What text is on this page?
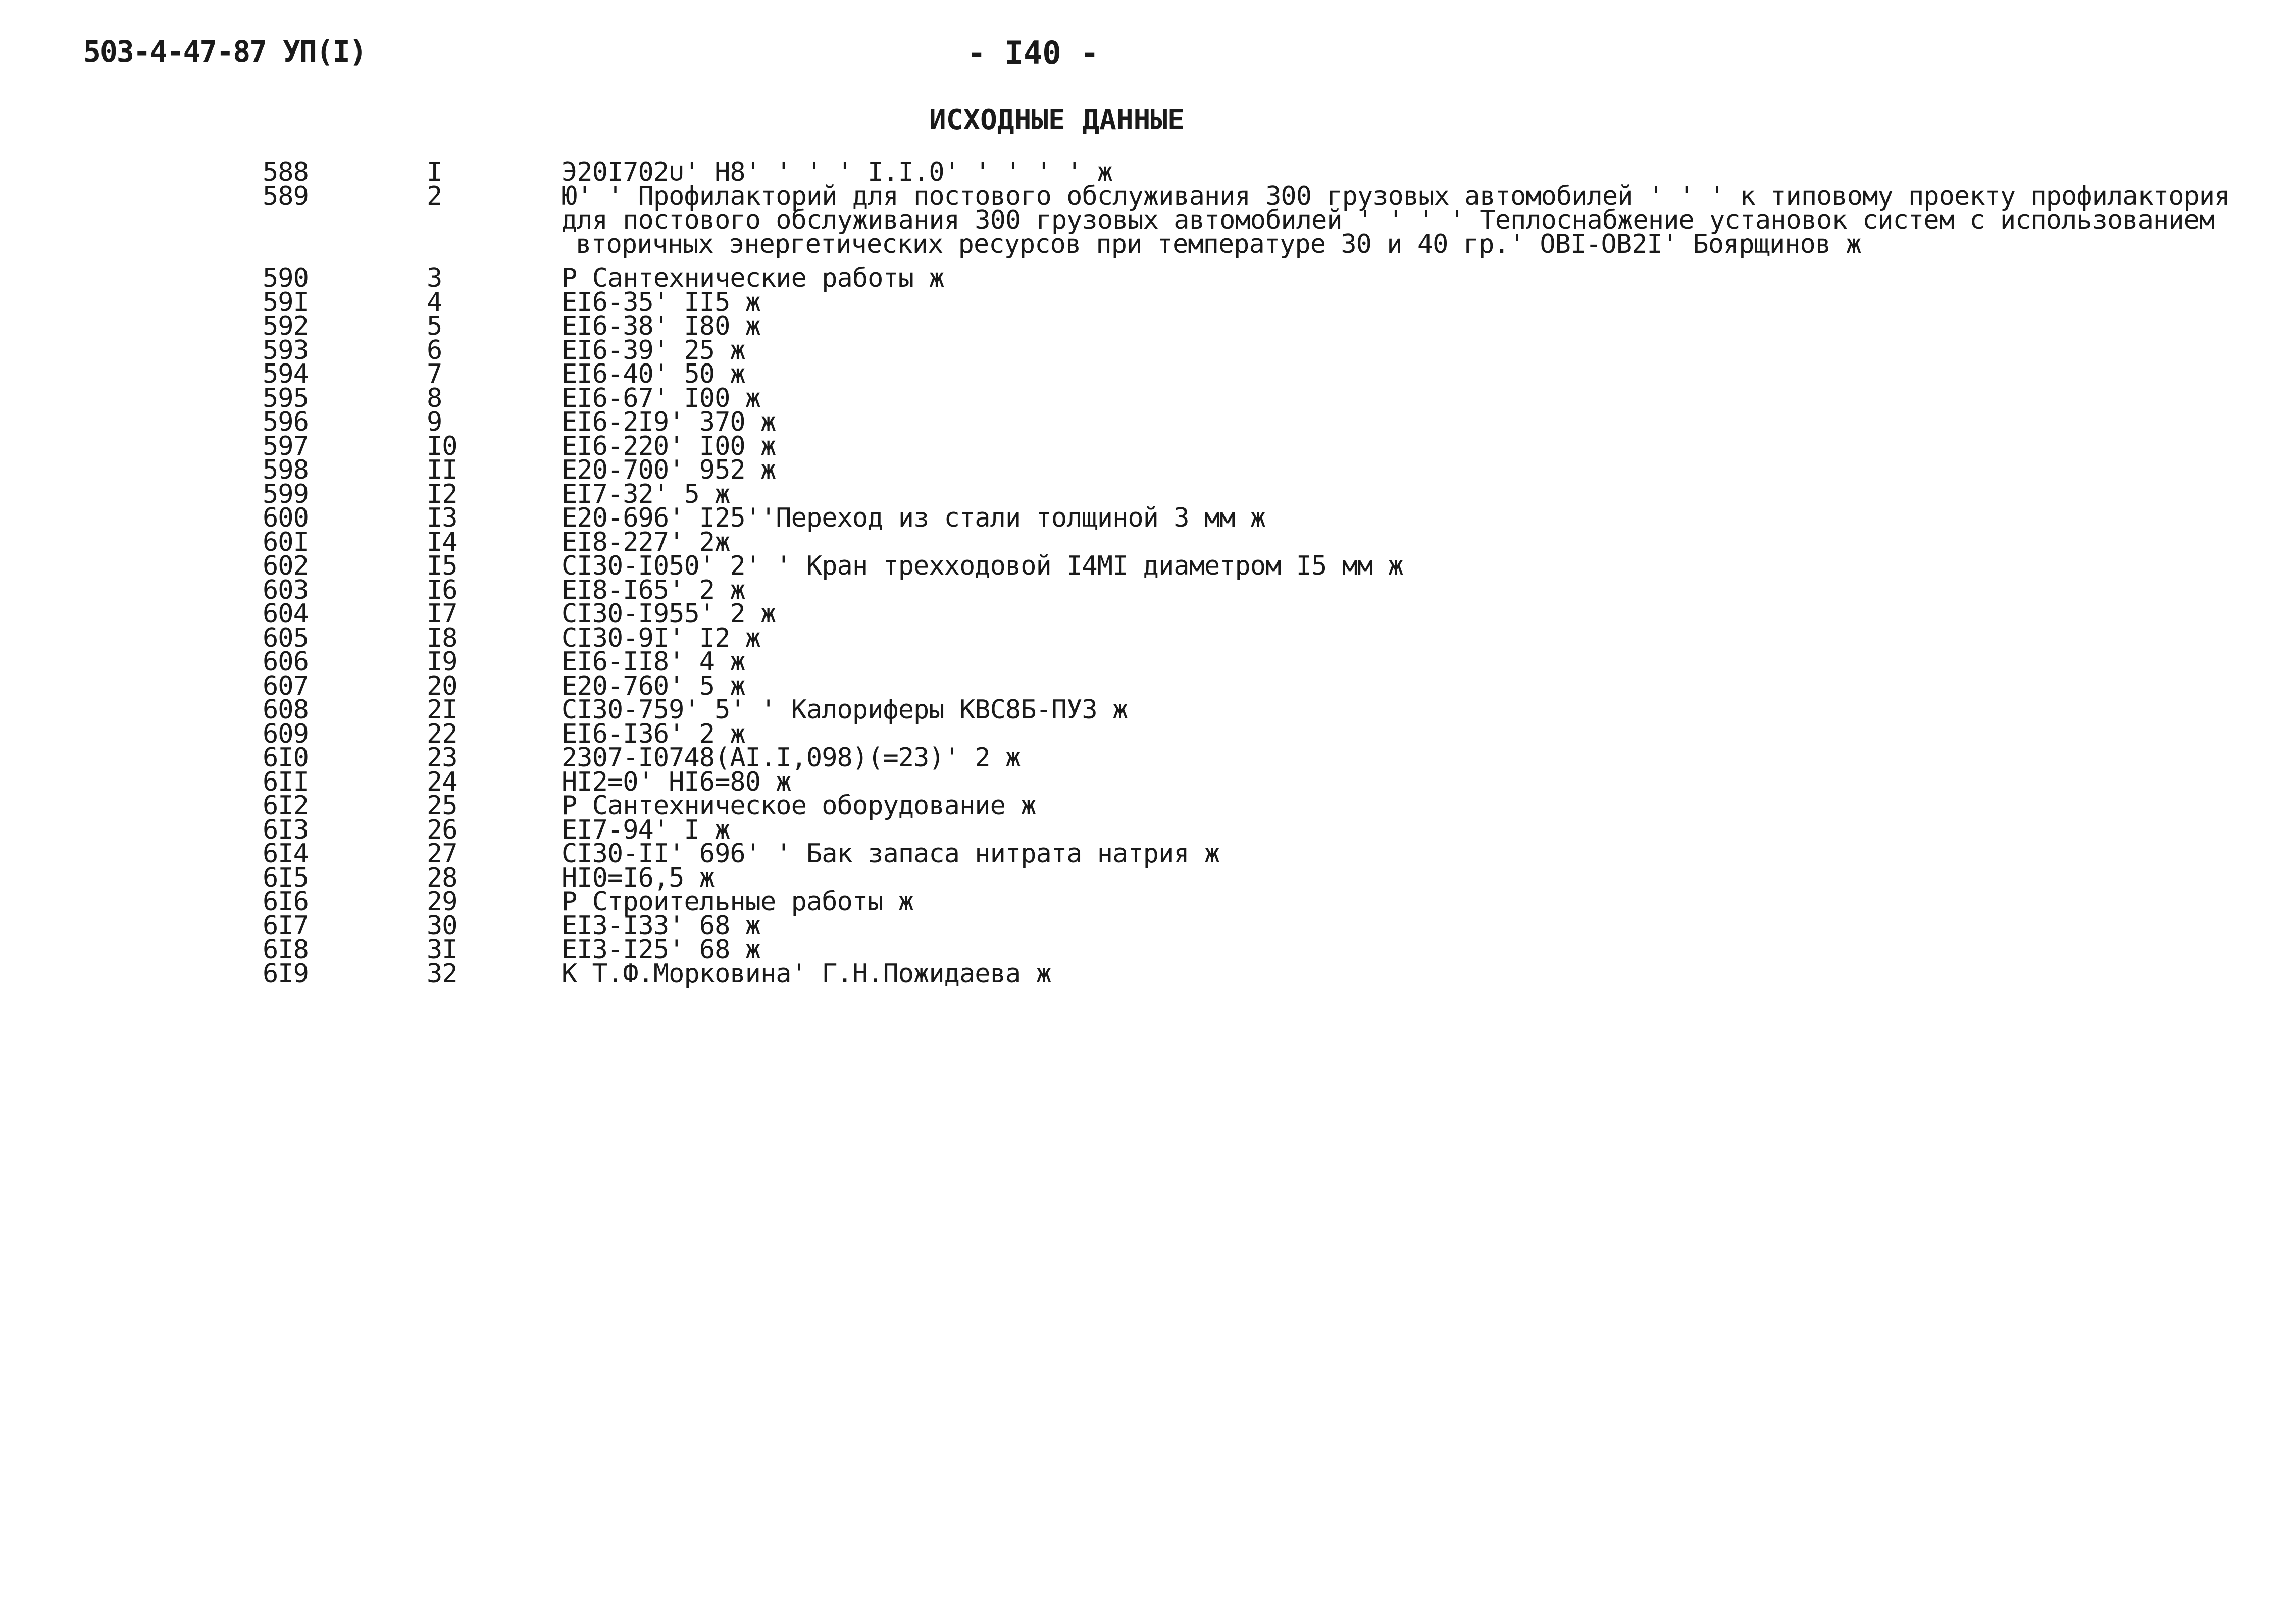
503-4-47-87 УП(I)	- I40 -
ИСХОДНЫЕ ДАННЫЕ
588	I	Э20I702∪' Н8' ' ' ' I.I.0' ' ' ' ' ж
589	2	Ю' ' Профилакторий для постового обслуживания 300 грузовых автомобилей ' ' ' к типовому проекту профилактория
для постового обслуживания 300 грузовых автомобилей ' ' ' ' Теплоснабжение установок систем с использованием
вторичных энергетических ресурсов при температуре 30 и 40 гр.' ОВI-ОВ2I' Боярщинов ж
590	3	Р Сантехнические работы ж
59I	4	ЕI6-35' II5 ж
592	5	ЕI6-38' I80 ж
593	6	ЕI6-39' 25 ж
594	7	ЕI6-40' 50 ж
595	8	ЕI6-67' I00 ж
596	9	ЕI6-2I9' 370 ж
597	I0	ЕI6-220' I00 ж
598	II	Е20-700' 952 ж
599	I2	ЕI7-32' 5 ж
600	I3	Е20-696' I25''Переход из стали толщиной 3 мм ж
60I	I4	ЕI8-227' 2ж
602	I5	СI30-I050' 2' ' Кран трехходовой I4МI диаметром I5 мм ж
603	I6	ЕI8-I65' 2 ж
604	I7	СI30-I955' 2 ж
605	I8	СI30-9I' I2 ж
606	I9	ЕI6-II8' 4 ж
607	20	Е20-760' 5 ж
608	2I	СI30-759' 5' ' Калориферы КВС8Б-ПУЗ ж
609	22	ЕI6-I36' 2 ж
6I0	23	2307-I0748(АI.I,098)(=23)' 2 ж
6II	24	НI2=0' НI6=80 ж
6I2	25	Р Сантехническое оборудование ж
6I3	26	ЕI7-94' I ж
6I4	27	СI30-II' 696' ' Бак запаса нитрата натрия ж
6I5	28	НI0=I6,5 ж
6I6	29	Р Строительные работы ж
6I7	30	ЕI3-I33' 68 ж
6I8	3I	ЕI3-I25' 68 ж
6I9	32	К Т.Ф.Морковина' Г.Н.Пожидаева ж
